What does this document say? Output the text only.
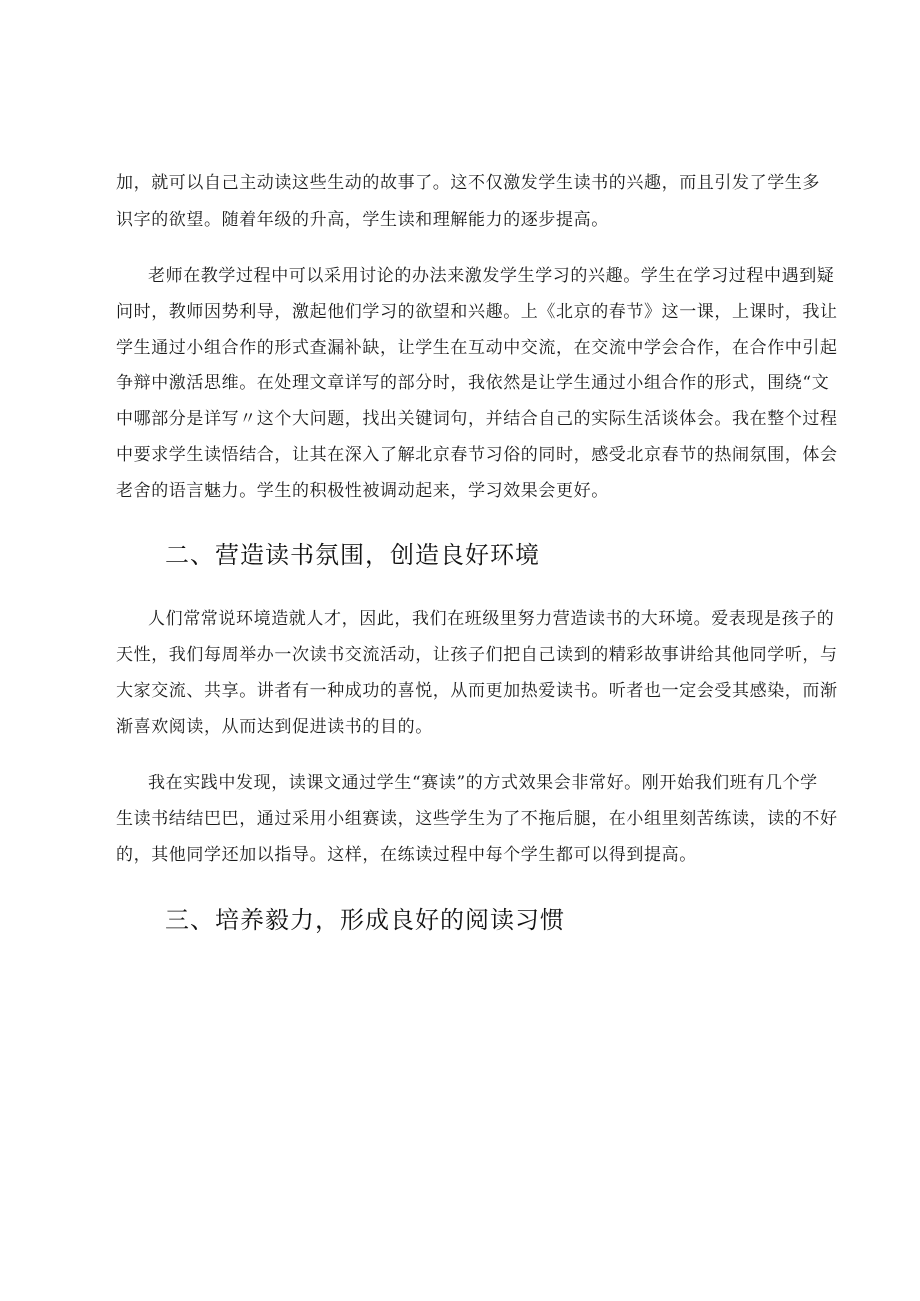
加，就可以自己主动读这些生动的故事了。这不仅激发学生读书的兴趣，而且引发了学生多
识字的欲望。随着年级的升高，学生读和理解能力的逐步提高。
老师在教学过程中可以采用讨论的办法来激发学生学习的兴趣。学生在学习过程中遇到疑
问时，教师因势利导，激起他们学习的欲望和兴趣。上《北京的春节》这一课，上课时，我让
学生通过小组合作的形式查漏补缺，让学生在互动中交流，在交流中学会合作，在合作中引起
争辩中激活思维。在处理文章详写的部分时，我依然是让学生通过小组合作的形式，围绕“文
中哪部分是详写〃这个大问题，找出关键词句，并结合自己的实际生活谈体会。我在整个过程
中要求学生读悟结合，让其在深入了解北京春节习俗的同时，感受北京春节的热闹氛围，体会
老舍的语言魅力。学生的积极性被调动起来，学习效果会更好。
二、营造读书氛围，创造良好环境
人们常常说环境造就人才，因此，我们在班级里努力营造读书的大环境。爱表现是孩子的
天性，我们每周举办一次读书交流活动，让孩子们把自己读到的精彩故事讲给其他同学听，与
大家交流、共享。讲者有一种成功的喜悦，从而更加热爱读书。听者也一定会受其感染，而渐
渐喜欢阅读，从而达到促进读书的目的。
我在实践中发现，读课文通过学生“赛读”的方式效果会非常好。刚开始我们班有几个学
生读书结结巴巴，通过采用小组赛读，这些学生为了不拖后腿，在小组里刻苦练读，读的不好
的，其他同学还加以指导。这样，在练读过程中每个学生都可以得到提高。
三、培养毅力，形成良好的阅读习惯
